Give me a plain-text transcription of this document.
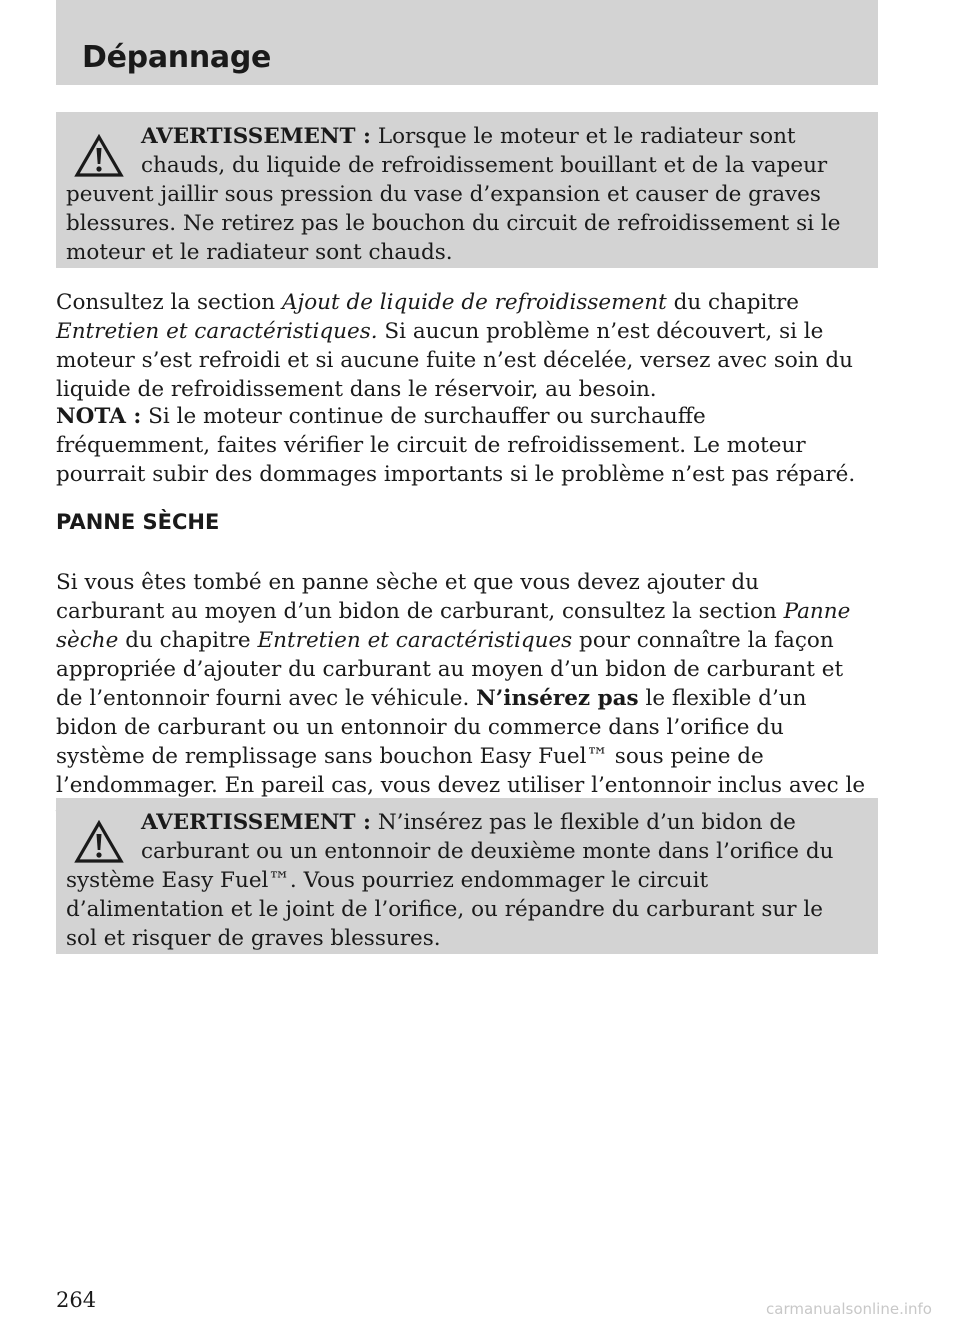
Dépannage
AVERTISSEMENT : Lorsque le moteur et le radiateur sont
chauds, du liquide de refroidissement bouillant et de la vapeur
peuvent jaillir sous pression du vase d’expansion et causer de graves
blessures. Ne retirez pas le bouchon du circuit de refroidissement si le
moteur et le radiateur sont chauds.
Consultez la section Ajout de liquide de refroidissement du chapitre
Entretien et caractéristiques. Si aucun problème n’est découvert, si le
moteur s’est refroidi et si aucune fuite n’est décelée, versez avec soin du
liquide de refroidissement dans le réservoir, au besoin.
NOTA : Si le moteur continue de surchauffer ou surchauffe
fréquemment, faites vérifier le circuit de refroidissement. Le moteur
pourrait subir des dommages importants si le problème n’est pas réparé.
PANNE SÈCHE
Si vous êtes tombé en panne sèche et que vous devez ajouter du
carburant au moyen d’un bidon de carburant, consultez la section Panne
sèche du chapitre Entretien et caractéristiques pour connaître la façon
appropriée d’ajouter du carburant au moyen d’un bidon de carburant et
de l’entonnoir fourni avec le véhicule. N’insérez pas le flexible d’un
bidon de carburant ou un entonnoir du commerce dans l’orifice du
système de remplissage sans bouchon Easy Fuel™ sous peine de
l’endommager. En pareil cas, vous devez utiliser l’entonnoir inclus avec le
AVERTISSEMENT : N’insérez pas le flexible d’un bidon de
carburant ou un entonnoir de deuxième monte dans l’orifice du
système Easy Fuel™. Vous pourriez endommager le circuit
d’alimentation et le joint de l’orifice, ou répandre du carburant sur le
sol et risquer de graves blessures.
264	carmanualsonline.info
